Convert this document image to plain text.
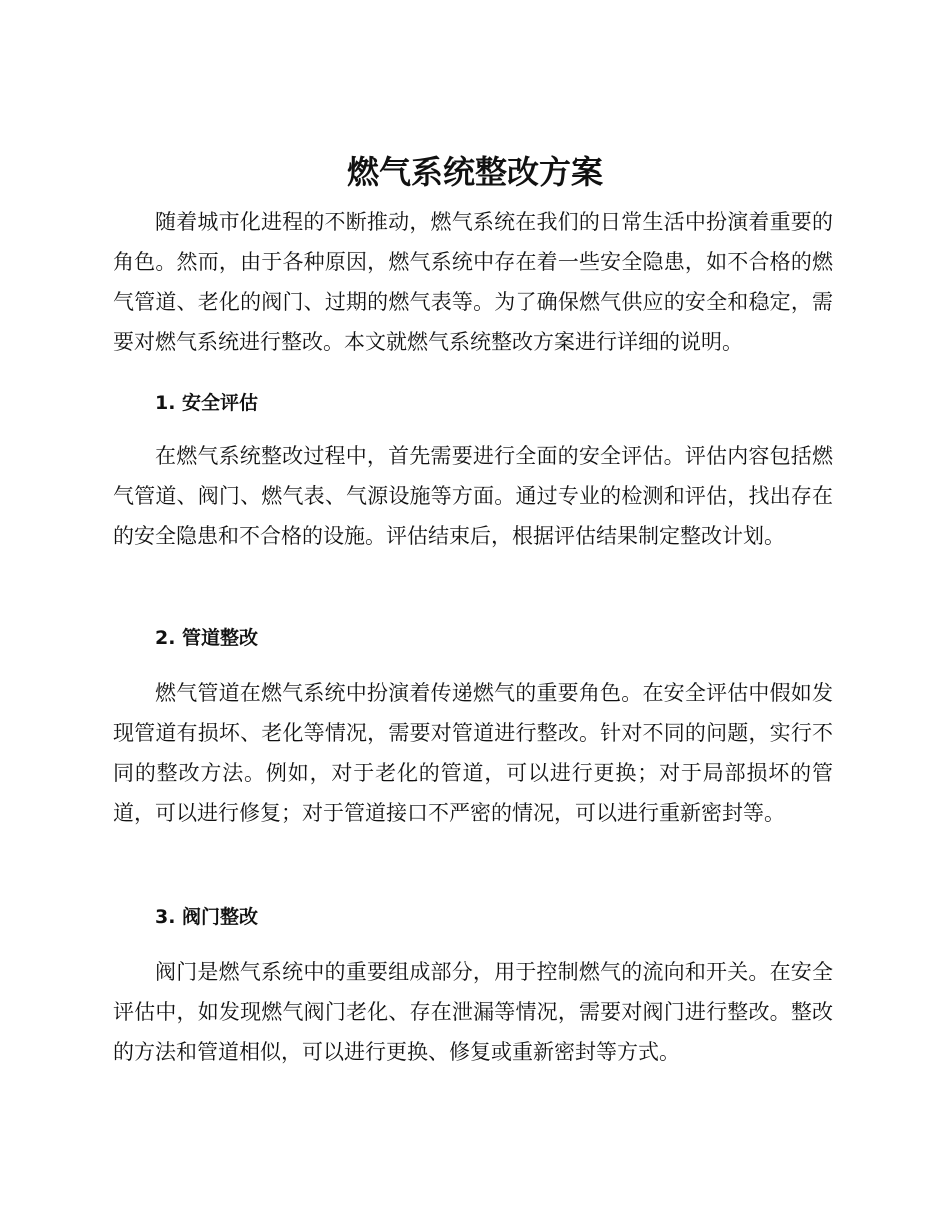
燃气系统整改方案

随着城市化进程的不断推动，燃气系统在我们的日常生活中扮演着重要的角色。然而，由于各种原因，燃气系统中存在着一些安全隐患，如不合格的燃气管道、老化的阀门、过期的燃气表等。为了确保燃气供应的安全和稳定，需要对燃气系统进行整改。本文就燃气系统整改方案进行详细的说明。

1. 安全评估

在燃气系统整改过程中，首先需要进行全面的安全评估。评估内容包括燃气管道、阀门、燃气表、气源设施等方面。通过专业的检测和评估，找出存在的安全隐患和不合格的设施。评估结束后，根据评估结果制定整改计划。

2. 管道整改

燃气管道在燃气系统中扮演着传递燃气的重要角色。在安全评估中假如发现管道有损坏、老化等情况，需要对管道进行整改。针对不同的问题，实行不同的整改方法。例如，对于老化的管道，可以进行更换；对于局部损坏的管道，可以进行修复；对于管道接口不严密的情况，可以进行重新密封等。

3. 阀门整改

阀门是燃气系统中的重要组成部分，用于控制燃气的流向和开关。在安全评估中，如发现燃气阀门老化、存在泄漏等情况，需要对阀门进行整改。整改的方法和管道相似，可以进行更换、修复或重新密封等方式。
